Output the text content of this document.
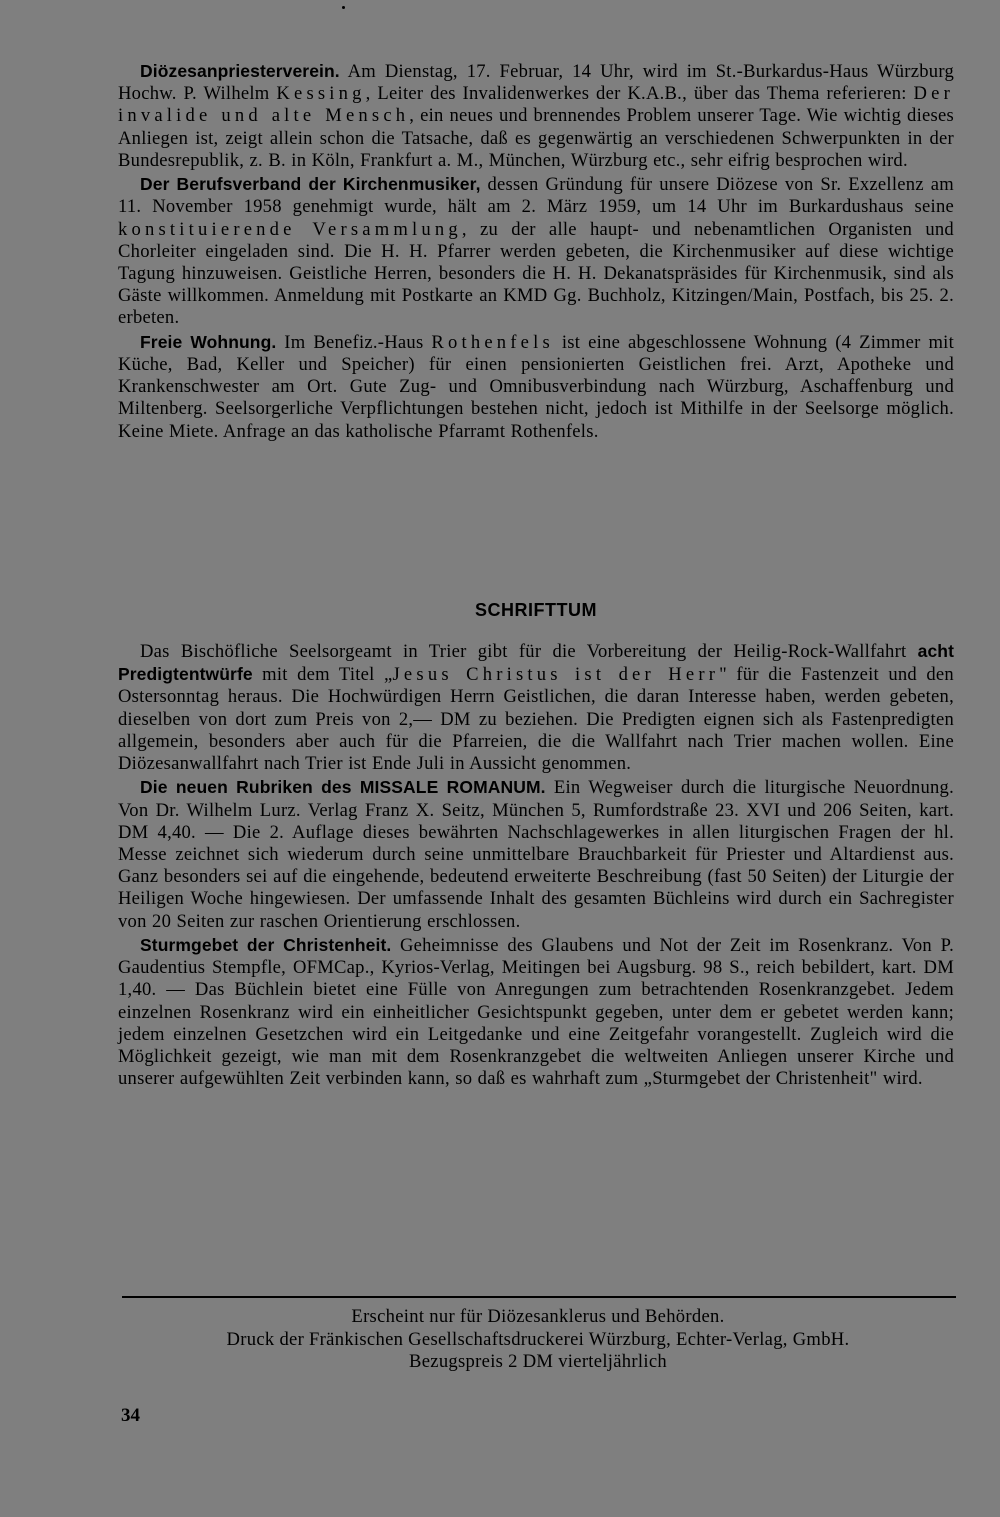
Diözesanpriesterverein. Am Dienstag, 17. Februar, 14 Uhr, wird im St.-Burkardus-Haus Würzburg Hochw. P. Wilhelm Kessing, Leiter des Invalidenwerkes der K.A.B., über das Thema referieren: Der invalide und alte Mensch, ein neues und brennendes Problem unserer Tage. Wie wichtig dieses Anliegen ist, zeigt allein schon die Tatsache, daß es gegenwärtig an verschiedenen Schwerpunkten in der Bundesrepublik, z. B. in Köln, Frankfurt a. M., München, Würzburg etc., sehr eifrig besprochen wird.

Der Berufsverband der Kirchenmusiker, dessen Gründung für unsere Diözese von Sr. Exzellenz am 11. November 1958 genehmigt wurde, hält am 2. März 1959, um 14 Uhr im Burkardushaus seine konstituierende Versammlung, zu der alle haupt- und nebenamtlichen Organisten und Chorleiter eingeladen sind. Die H. H. Pfarrer werden gebeten, die Kirchenmusiker auf diese wichtige Tagung hinzuweisen. Geistliche Herren, besonders die H. H. Dekanatspräsides für Kirchenmusik, sind als Gäste willkommen. Anmeldung mit Postkarte an KMD Gg. Buchholz, Kitzingen/Main, Postfach, bis 25. 2. erbeten.

Freie Wohnung. Im Benefiz.-Haus Rothenfels ist eine abgeschlossene Wohnung (4 Zimmer mit Küche, Bad, Keller und Speicher) für einen pensionierten Geistlichen frei. Arzt, Apotheke und Krankenschwester am Ort. Gute Zug- und Omnibusverbindung nach Würzburg, Aschaffenburg und Miltenberg. Seelsorgerliche Verpflichtungen bestehen nicht, jedoch ist Mithilfe in der Seelsorge möglich. Keine Miete. Anfrage an das katholische Pfarramt Rothenfels.

SCHRIFTTUM

Das Bischöfliche Seelsorgeamt in Trier gibt für die Vorbereitung der Heilig-Rock-Wallfahrt acht Predigtentwürfe mit dem Titel „Jesus Christus ist der Herr" für die Fastenzeit und den Ostersonntag heraus. Die Hochwürdigen Herrn Geistlichen, die daran Interesse haben, werden gebeten, dieselben von dort zum Preis von 2,— DM zu beziehen. Die Predigten eignen sich als Fastenpredigten allgemein, besonders aber auch für die Pfarreien, die die Wallfahrt nach Trier machen wollen. Eine Diözesanwallfahrt nach Trier ist Ende Juli in Aussicht genommen.

Die neuen Rubriken des MISSALE ROMANUM. Ein Wegweiser durch die liturgische Neuordnung. Von Dr. Wilhelm Lurz. Verlag Franz X. Seitz, München 5, Rumfordstraße 23. XVI und 206 Seiten, kart. DM 4,40. — Die 2. Auflage dieses bewährten Nachschlagewerkes in allen liturgischen Fragen der hl. Messe zeichnet sich wiederum durch seine unmittelbare Brauchbarkeit für Priester und Altardienst aus. Ganz besonders sei auf die eingehende, bedeutend erweiterte Beschreibung (fast 50 Seiten) der Liturgie der Heiligen Woche hingewiesen. Der umfassende Inhalt des gesamten Büchleins wird durch ein Sachregister von 20 Seiten zur raschen Orientierung erschlossen.

Sturmgebet der Christenheit. Geheimnisse des Glaubens und Not der Zeit im Rosenkranz. Von P. Gaudentius Stempfle, OFMCap., Kyrios-Verlag, Meitingen bei Augsburg. 98 S., reich bebildert, kart. DM 1,40. — Das Büchlein bietet eine Fülle von Anregungen zum betrachtenden Rosenkranzgebet. Jedem einzelnen Rosenkranz wird ein einheitlicher Gesichtspunkt gegeben, unter dem er gebetet werden kann; jedem einzelnen Gesetzchen wird ein Leitgedanke und eine Zeitgefahr vorangestellt. Zugleich wird die Möglichkeit gezeigt, wie man mit dem Rosenkranzgebet die weltweiten Anliegen unserer Kirche und unserer aufgewühlten Zeit verbinden kann, so daß es wahrhaft zum „Sturmgebet der Christenheit" wird.

Erscheint nur für Diözesanklerus und Behörden.
Druck der Fränkischen Gesellschaftsdruckerei Würzburg, Echter-Verlag, GmbH.
Bezugspreis 2 DM vierteljährlich

34
